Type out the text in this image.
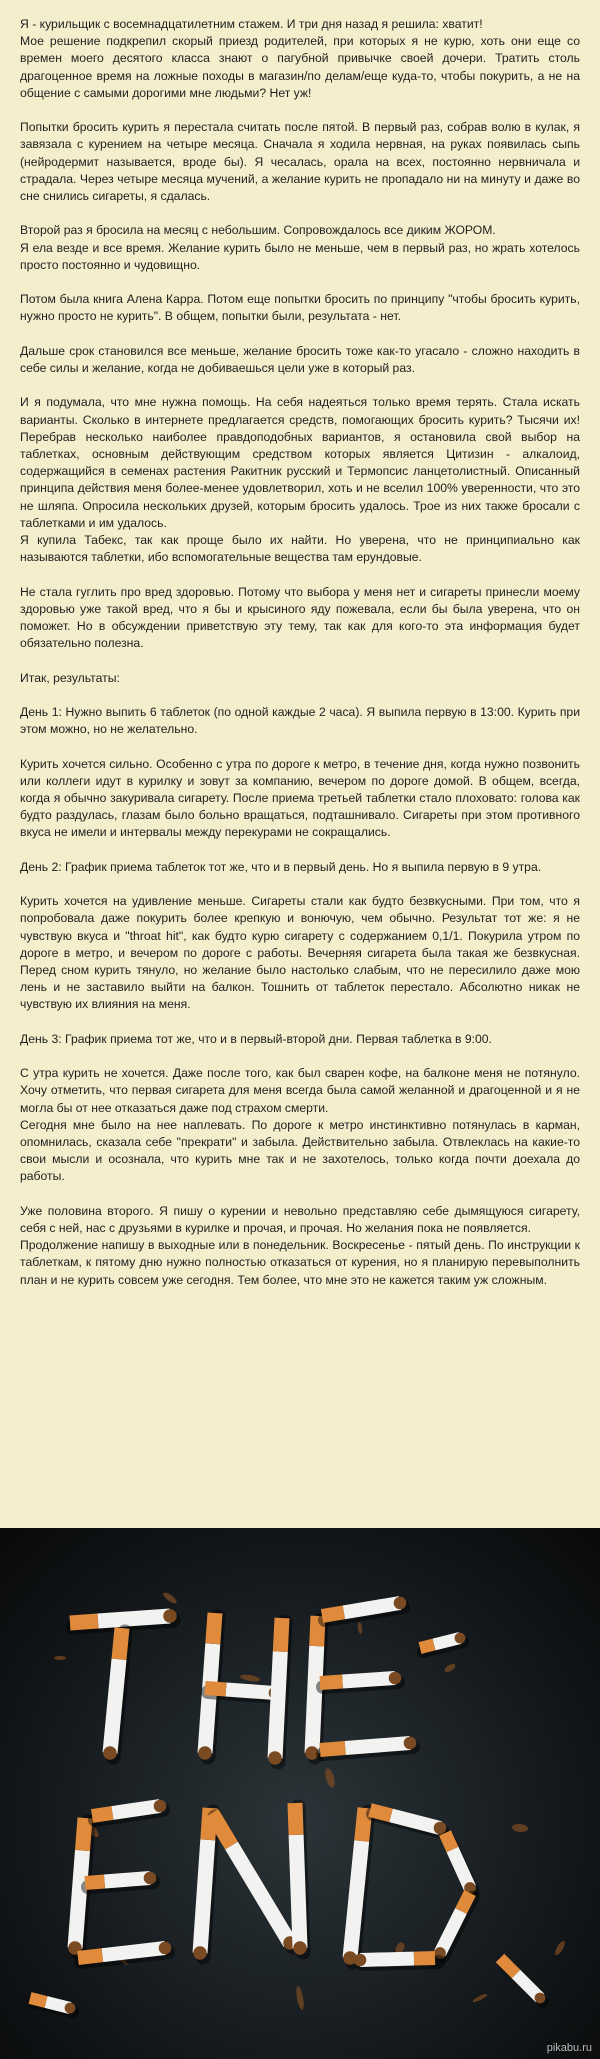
Я - курильщик с восемнадцатилетним стажем. И три дня назад я решила: хватит!
Мое решение подкрепил скорый приезд родителей, при которых я не курю, хоть они еще со времен моего десятого класса знают о пагубной привычке своей дочери. Тратить столь драгоценное время на ложные походы в магазин/по делам/еще куда-то, чтобы покурить, а не на общение с самыми дорогими мне людьми? Нет уж!

Попытки бросить курить я перестала считать после пятой. В первый раз, собрав волю в кулак, я завязала с курением на четыре месяца. Сначала я ходила нервная, на руках появилась сыпь (нейродермит называется, вроде бы). Я чесалась, орала на всех, постоянно нервничала и страдала. Через четыре месяца мучений, а желание курить не пропадало ни на минуту и даже во сне снились сигареты, я сдалась.

Второй раз я бросила на месяц с небольшим. Сопровождалось все диким ЖОРОМ.
Я ела везде и все время. Желание курить было не меньше, чем в первый раз, но жрать хотелось просто постоянно и чудовищно.

Потом была книга Алена Карра. Потом еще попытки бросить по принципу "чтобы бросить курить, нужно просто не курить". В общем, попытки были, результата - нет.

Дальше срок становился все меньше, желание бросить тоже как-то угасало - сложно находить в себе силы и желание, когда не добиваешься цели уже в который раз.

И я подумала, что мне нужна помощь. На себя надеяться только время терять. Стала искать варианты. Сколько в интернете предлагается средств, помогающих бросить курить? Тысячи их! Перебрав несколько наиболее правдоподобных вариантов, я остановила свой выбор на таблетках, основным действующим средством которых является Цитизин - алкалоид, содержащийся в семенах растения Ракитник русский и Термопсис ланцетолистный. Описанный принципа действия меня более-менее удовлетворил, хоть и не вселил 100% уверенности, что это не шляпа. Опросила нескольких друзей, которым бросить удалось. Трое из них также бросали с таблетками и им удалось.
Я купила Табекс, так как проще было их найти. Но уверена, что не принципиально как называются таблетки, ибо вспомогательные вещества там ерундовые.

Не стала гуглить про вред здоровью. Потому что выбора у меня нет и сигареты принесли моему здоровью уже такой вред, что я бы и крысиного яду пожевала, если бы была уверена, что он поможет. Но в обсуждении приветствую эту тему, так как для кого-то эта информация будет обязательно полезна.

Итак, результаты:

День 1: Нужно выпить 6 таблеток (по одной каждые 2 часа). Я выпила первую в 13:00. Курить при этом можно, но не желательно.

Курить хочется сильно. Особенно с утра по дороге к метро, в течение дня, когда нужно позвонить или коллеги идут в курилку и зовут за компанию, вечером по дороге домой. В общем, всегда, когда я обычно закуривала сигарету. После приема третьей таблетки стало плоховато: голова как будто раздулась, глазам было больно вращаться, подташнивало. Сигареты при этом противного вкуса не имели и интервалы между перекурами не сокращались.

День 2: График приема таблеток тот же, что и в первый день. Но я выпила первую в 9 утра.

Курить хочется на удивление меньше. Сигареты стали как будто безвкусными. При том, что я попробовала даже покурить более крепкую и вонючую, чем обычно. Результат тот же: я не чувствую вкуса и "throat hit", как будто курю сигарету с содержанием 0,1/1. Покурила утром по дороге в метро, и вечером по дороге с работы. Вечерняя сигарета была такая же безвкусная. Перед сном курить тянуло, но желание было настолько слабым, что не пересилило даже мою лень и не заставило выйти на балкон. Тошнить от таблеток перестало. Абсолютно никак не чувствую их влияния на меня.

День 3: График приема тот же, что и в первый-второй дни. Первая таблетка в 9:00.

С утра курить не хочется. Даже после того, как был сварен кофе, на балконе меня не потянуло. Хочу отметить, что первая сигарета для меня всегда была самой желанной и драгоценной и я не могла бы от нее отказаться даже под страхом смерти.
Сегодня мне было на нее наплевать. По дороге к метро инстинктивно потянулась в карман, опомнилась, сказала себе "прекрати" и забыла. Действительно забыла. Отвлеклась на какие-то свои мысли и осознала, что курить мне так и не захотелось, только когда почти доехала до работы.

Уже половина второго. Я пишу о курении и невольно представляю себе дымящуюся сигарету, себя с ней, нас с друзьями в курилке и прочая, и прочая. Но желания пока не появляется.
Продолжение напишу в выходные или в понедельник. Воскресенье - пятый день. По инструкции к таблеткам, к пятому дню нужно полностью отказаться от курения, но я планирую перевыполнить план и не курить совсем уже сегодня. Тем более, что мне это не кажется таким уж сложным.

pikabu.ru
